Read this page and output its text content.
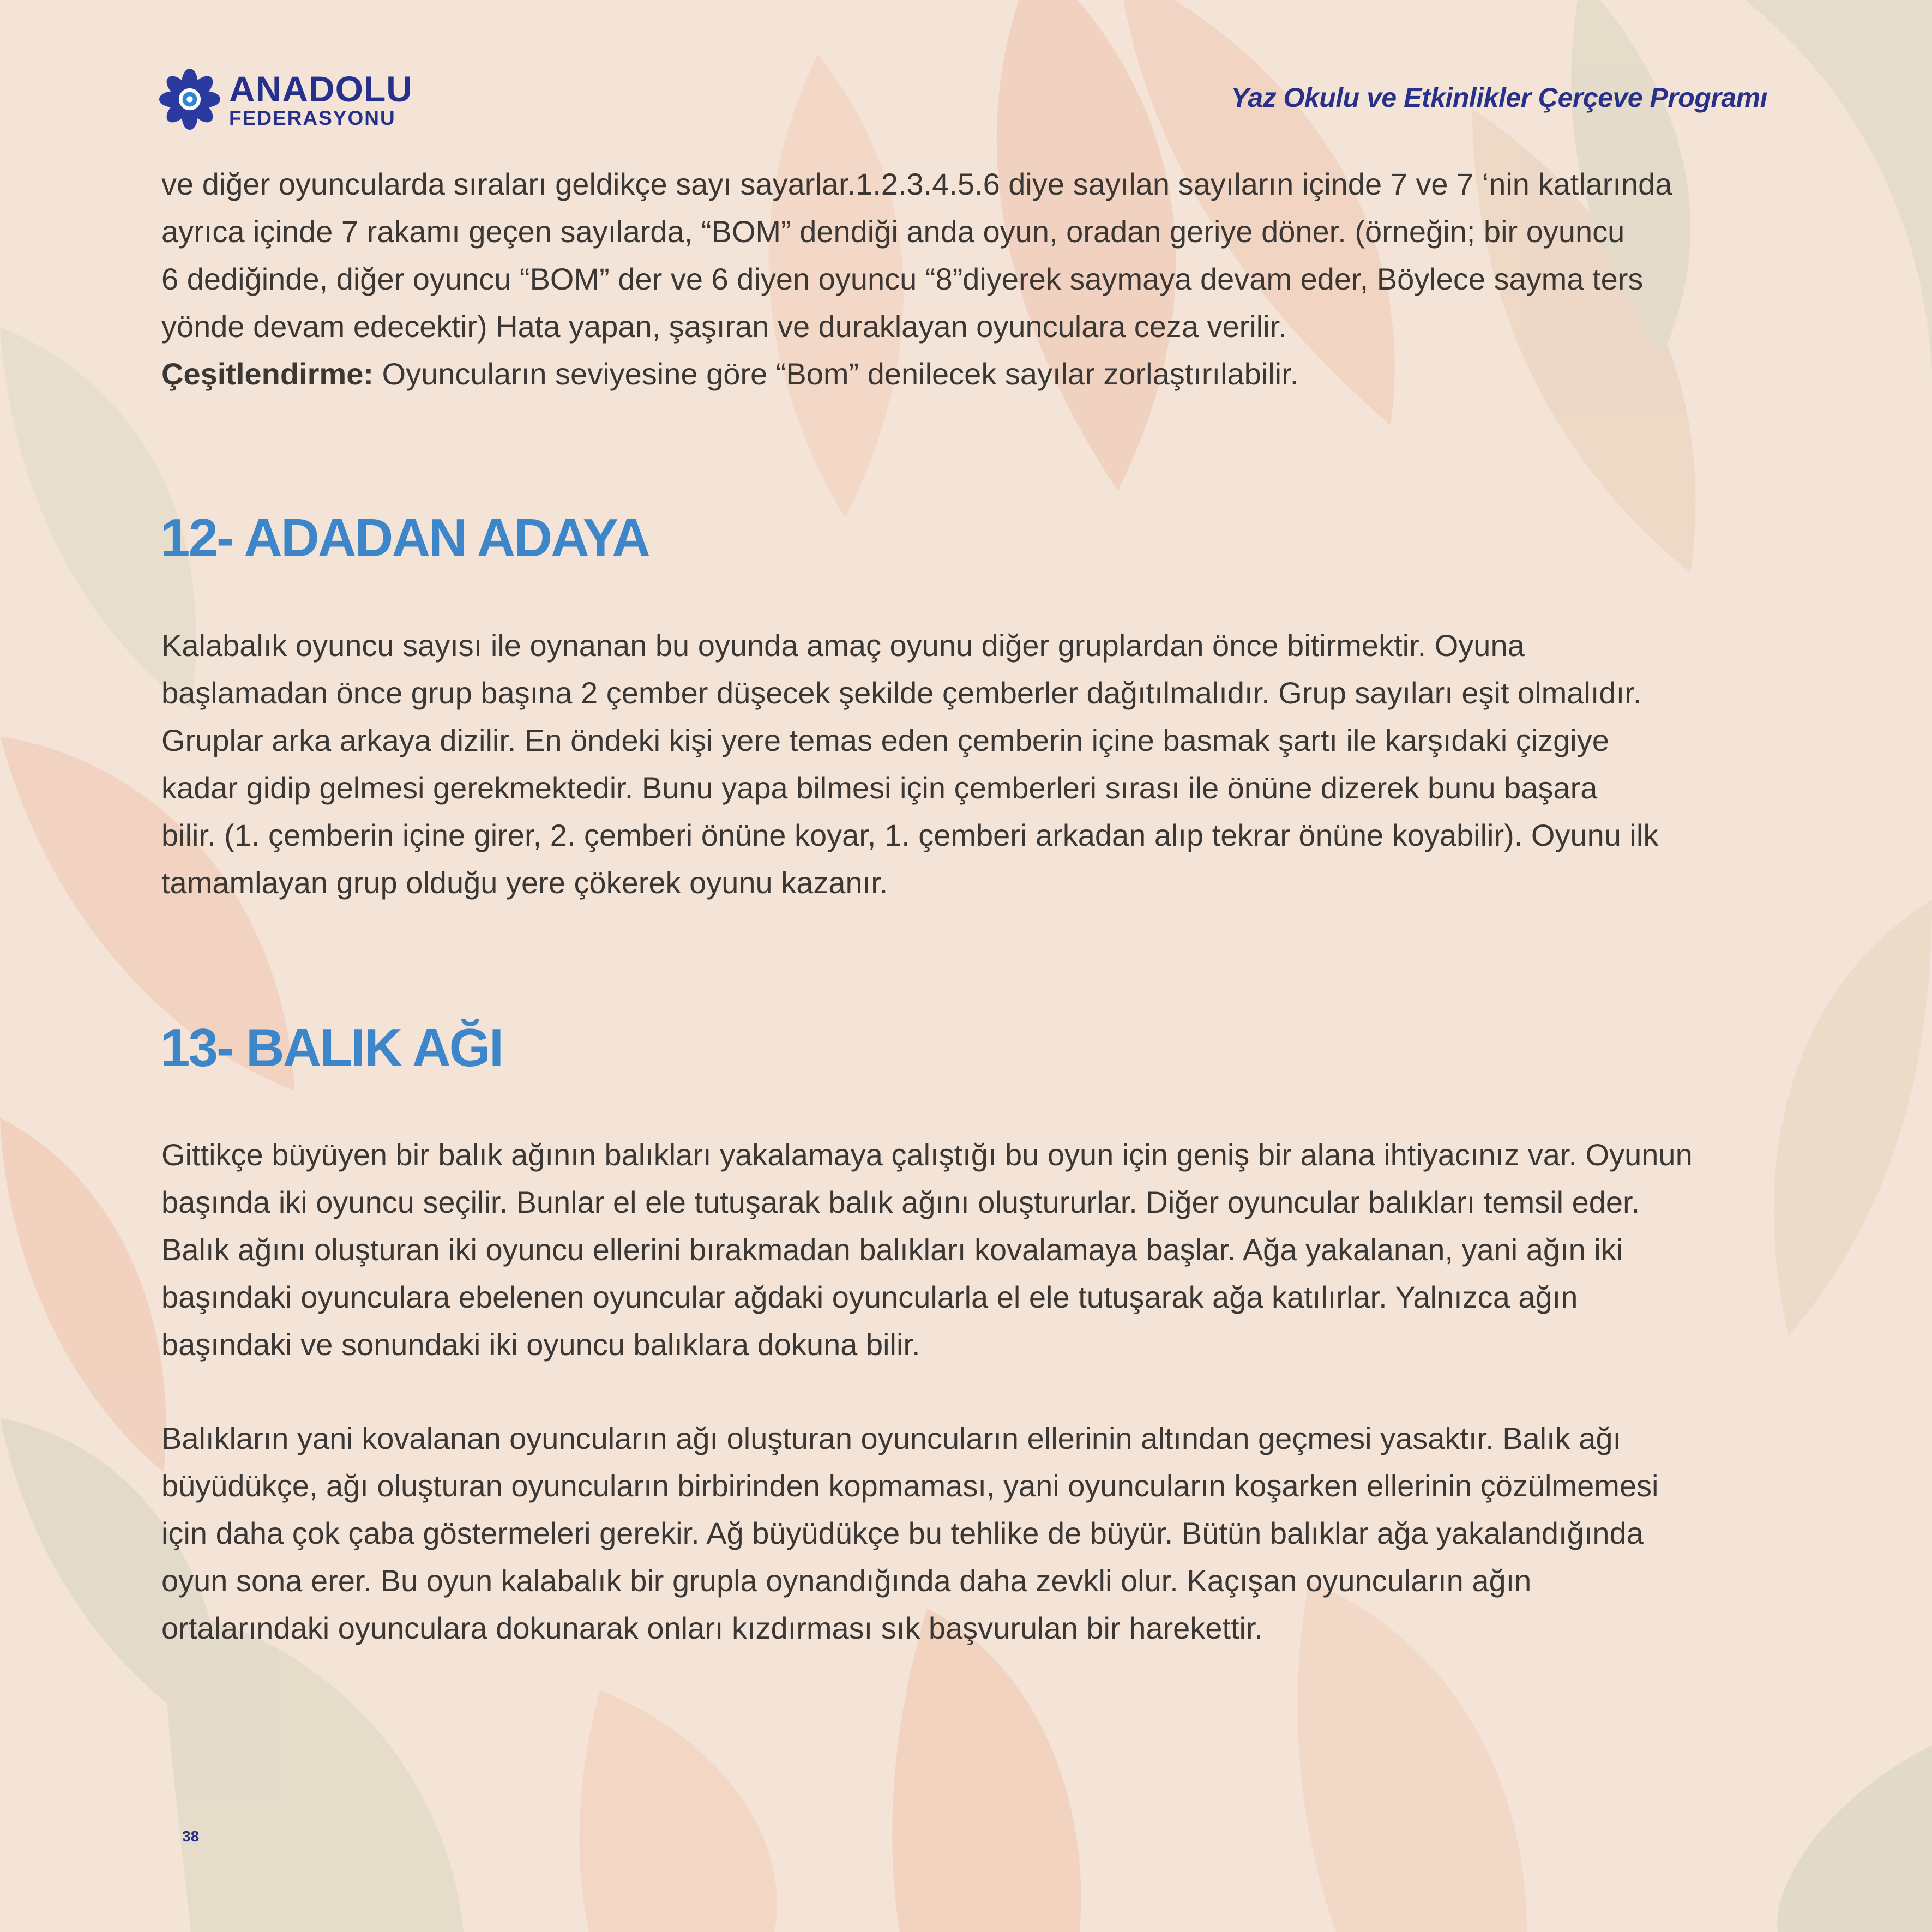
ANADOLU
FEDERASYONU
Yaz Okulu ve Etkinlikler Çerçeve Programı

ve diğer oyuncularda sıraları geldikçe sayı sayarlar.1.2.3.4.5.6 diye sayılan sayıların içinde 7 ve 7 ‘nin katlarında
ayrıca içinde 7 rakamı geçen sayılarda, “BOM” dendiği anda oyun, oradan geriye döner. (örneğin; bir oyuncu
6 dediğinde, diğer oyuncu “BOM” der ve 6 diyen oyuncu “8”diyerek saymaya devam eder, Böylece sayma ters
yönde devam edecektir) Hata yapan, şaşıran ve duraklayan oyunculara ceza verilir.
Çeşitlendirme: Oyuncuların seviyesine göre “Bom” denilecek sayılar zorlaştırılabilir.

12- ADADAN ADAYA

Kalabalık oyuncu sayısı ile oynanan bu oyunda amaç oyunu diğer gruplardan önce bitirmektir. Oyuna
başlamadan önce grup başına 2 çember düşecek şekilde çemberler dağıtılmalıdır. Grup sayıları eşit olmalıdır.
Gruplar arka arkaya dizilir. En öndeki kişi yere temas eden çemberin içine basmak şartı ile karşıdaki çizgiye
kadar gidip gelmesi gerekmektedir. Bunu yapa bilmesi için çemberleri sırası ile önüne dizerek bunu başara
bilir. (1. çemberin içine girer, 2. çemberi önüne koyar, 1. çemberi arkadan alıp tekrar önüne koyabilir). Oyunu ilk
tamamlayan grup olduğu yere çökerek oyunu kazanır.

13- BALIK AĞI

Gittikçe büyüyen bir balık ağının balıkları yakalamaya çalıştığı bu oyun için geniş bir alana ihtiyacınız var. Oyunun
başında iki oyuncu seçilir. Bunlar el ele tutuşarak balık ağını oluştururlar. Diğer oyuncular balıkları temsil eder.
Balık ağını oluşturan iki oyuncu ellerini bırakmadan balıkları kovalamaya başlar. Ağa yakalanan, yani ağın iki
başındaki oyunculara ebelenen oyuncular ağdaki oyuncularla el ele tutuşarak ağa katılırlar. Yalnızca ağın
başındaki ve sonundaki iki oyuncu balıklara dokuna bilir.

Balıkların yani kovalanan oyuncuların ağı oluşturan oyuncuların ellerinin altından geçmesi yasaktır. Balık ağı
büyüdükçe, ağı oluşturan oyuncuların birbirinden kopmaması, yani oyuncuların koşarken ellerinin çözülmemesi
için daha çok çaba göstermeleri gerekir. Ağ büyüdükçe bu tehlike de büyür. Bütün balıklar ağa yakalandığında
oyun sona erer. Bu oyun kalabalık bir grupla oynandığında daha zevkli olur. Kaçışan oyuncuların ağın
ortalarındaki oyunculara dokunarak onları kızdırması sık başvurulan bir harekettir.

38
